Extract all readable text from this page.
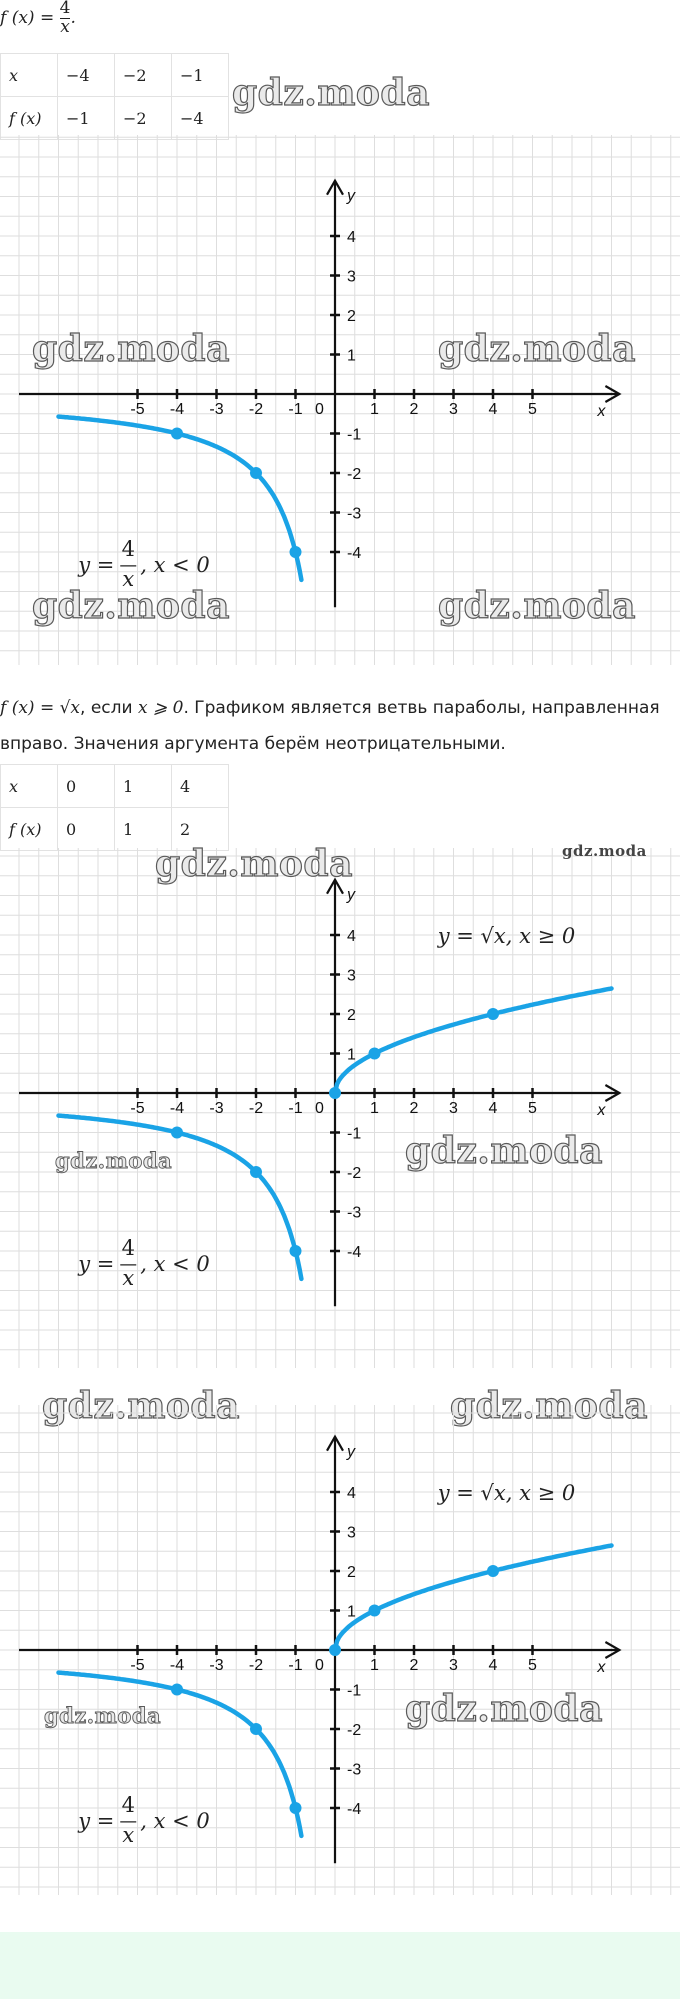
f $(x) = \frac{4}{x}$ .
x	−4	−2	−1
f (x)	−1	−2	−4
gdz.moda
-5 -4 -3 -2 -1	1 2 3 4 5
-4
-3
-2
-1
1
2
3
4
0	x
y
y =
4
x
, x < 0
gdz.moda	gdz.moda
gdz.moda	gdz.moda
f (x) = √x, если x ⩾ 0. Графиком является ветвь параболы, направленная
вправо. Значения аргумента берём неотрицательными.
x	0	1	4
f (x)	0	1	2
-5 -4 -3 -2 -1	1 2 3 4 5
-4
-3
-2
-1
1
2
3
4
0	x
y
y = √x, x ≥ 0
y =
4
x
, x < 0
gdz.moda	gdz.moda
gdz.moda	gdz.moda
gdz.moda	gdz.moda
-5 -4 -3 -2 -1	1 2 3 4 5
-4
-3
-2
-1
1
2
3
4
0	x
y
y = √x, x ≥ 0
y =
4
x
, x < 0
gdz.moda	gdz.moda
